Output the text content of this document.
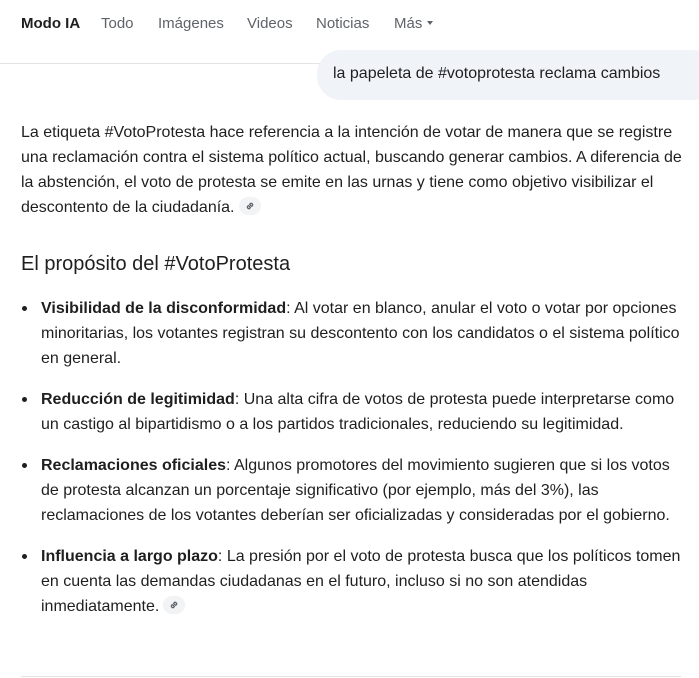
Modo IA Todo Imágenes Videos Noticias Más
la papeleta de #votoprotesta reclama cambios

La etiqueta #VotoProtesta hace referencia a la intención de votar de manera que se registre una reclamación contra el sistema político actual, buscando generar cambios. A diferencia de la abstención, el voto de protesta se emite en las urnas y tiene como objetivo visibilizar el descontento de la ciudadanía.

El propósito del #VotoProtesta
Visibilidad de la disconformidad: Al votar en blanco, anular el voto o votar por opciones minoritarias, los votantes registran su descontento con los candidatos o el sistema político en general.
Reducción de legitimidad: Una alta cifra de votos de protesta puede interpretarse como un castigo al bipartidismo o a los partidos tradicionales, reduciendo su legitimidad.
Reclamaciones oficiales: Algunos promotores del movimiento sugieren que si los votos de protesta alcanzan un porcentaje significativo (por ejemplo, más del 3%), las reclamaciones de los votantes deberían ser oficializadas y consideradas por el gobierno.
Influencia a largo plazo: La presión por el voto de protesta busca que los políticos tomen en cuenta las demandas ciudadanas en el futuro, incluso si no son atendidas inmediatamente.
